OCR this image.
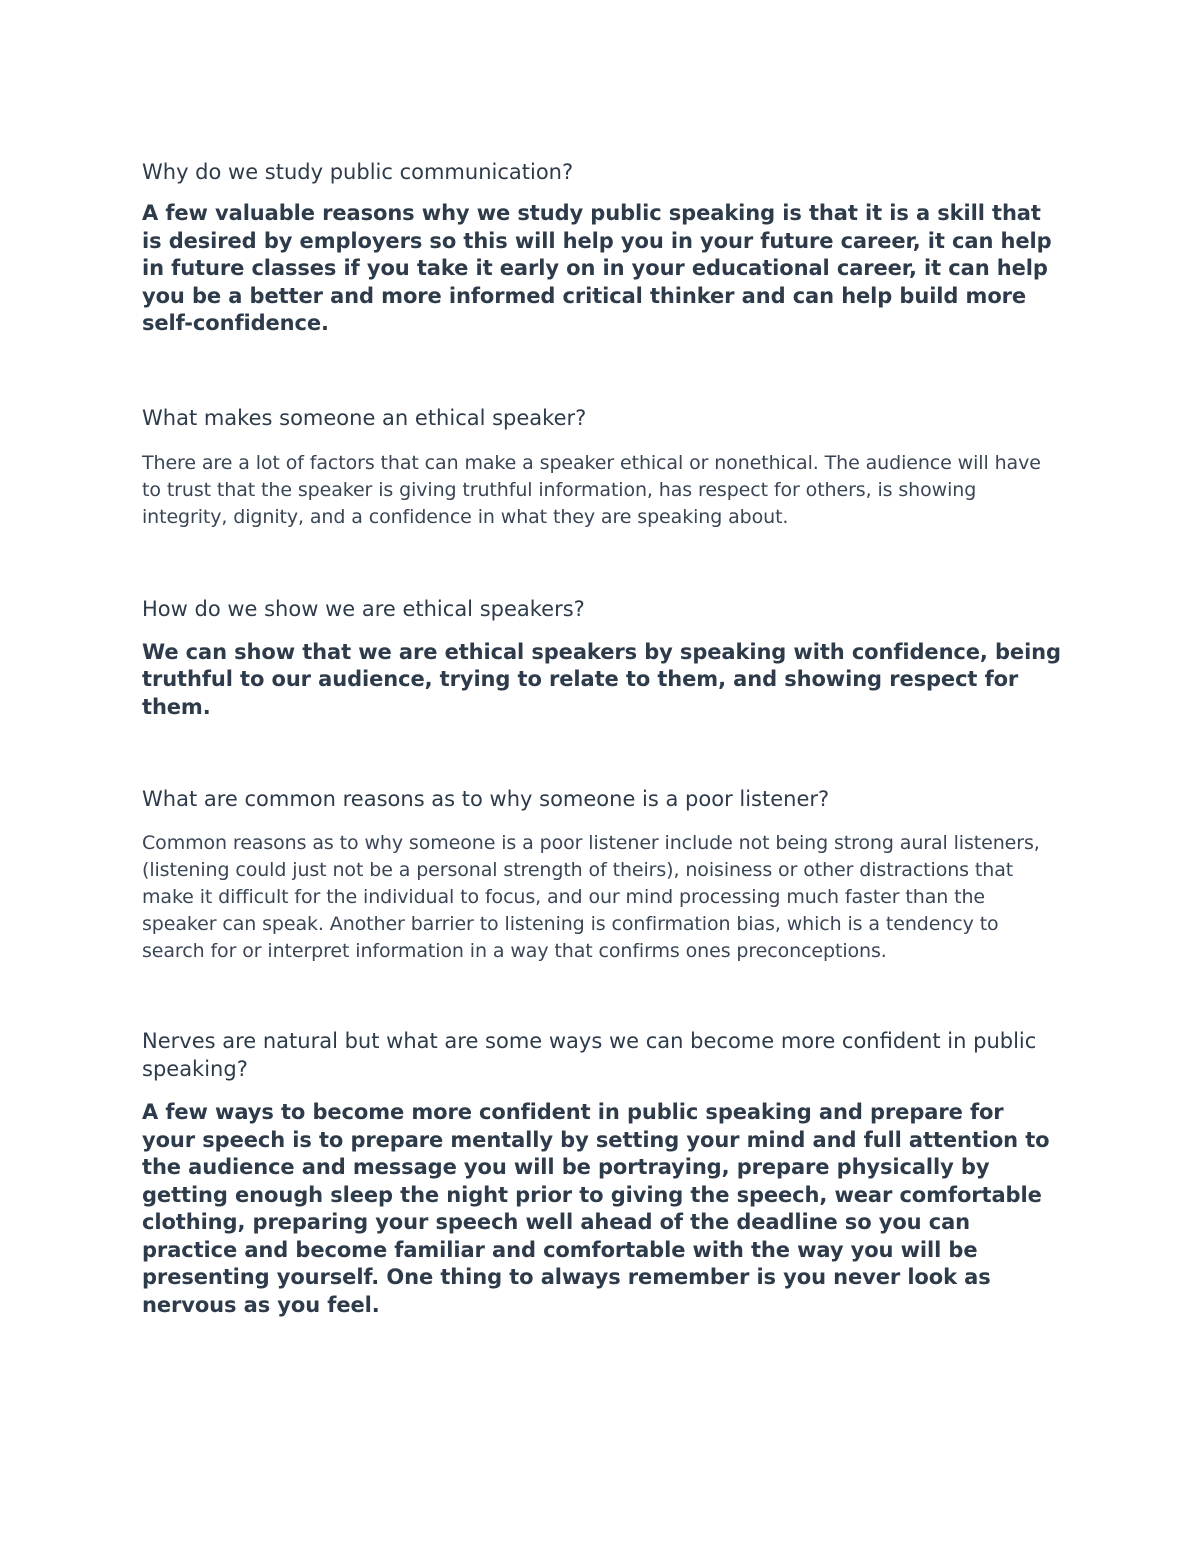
Why do we study public communication?

A few valuable reasons why we study public speaking is that it is a skill that is desired by employers so this will help you in your future career, it can help in future classes if you take it early on in your educational career, it can help you be a better and more informed critical thinker and can help build more self-confidence.

What makes someone an ethical speaker?

There are a lot of factors that can make a speaker ethical or nonethical. The audience will have to trust that the speaker is giving truthful information, has respect for others, is showing integrity, dignity, and a confidence in what they are speaking about.

How do we show we are ethical speakers?

We can show that we are ethical speakers by speaking with confidence, being truthful to our audience, trying to relate to them, and showing respect for them.

What are common reasons as to why someone is a poor listener?

Common reasons as to why someone is a poor listener include not being strong aural listeners, (listening could just not be a personal strength of theirs), noisiness or other distractions that make it difficult for the individual to focus, and our mind processing much faster than the speaker can speak. Another barrier to listening is confirmation bias, which is a tendency to search for or interpret information in a way that confirms ones preconceptions.

Nerves are natural but what are some ways we can become more confident in public speaking?

A few ways to become more confident in public speaking and prepare for your speech is to prepare mentally by setting your mind and full attention to the audience and message you will be portraying, prepare physically by getting enough sleep the night prior to giving the speech, wear comfortable clothing, preparing your speech well ahead of the deadline so you can practice and become familiar and comfortable with the way you will be presenting yourself. One thing to always remember is you never look as nervous as you feel.
